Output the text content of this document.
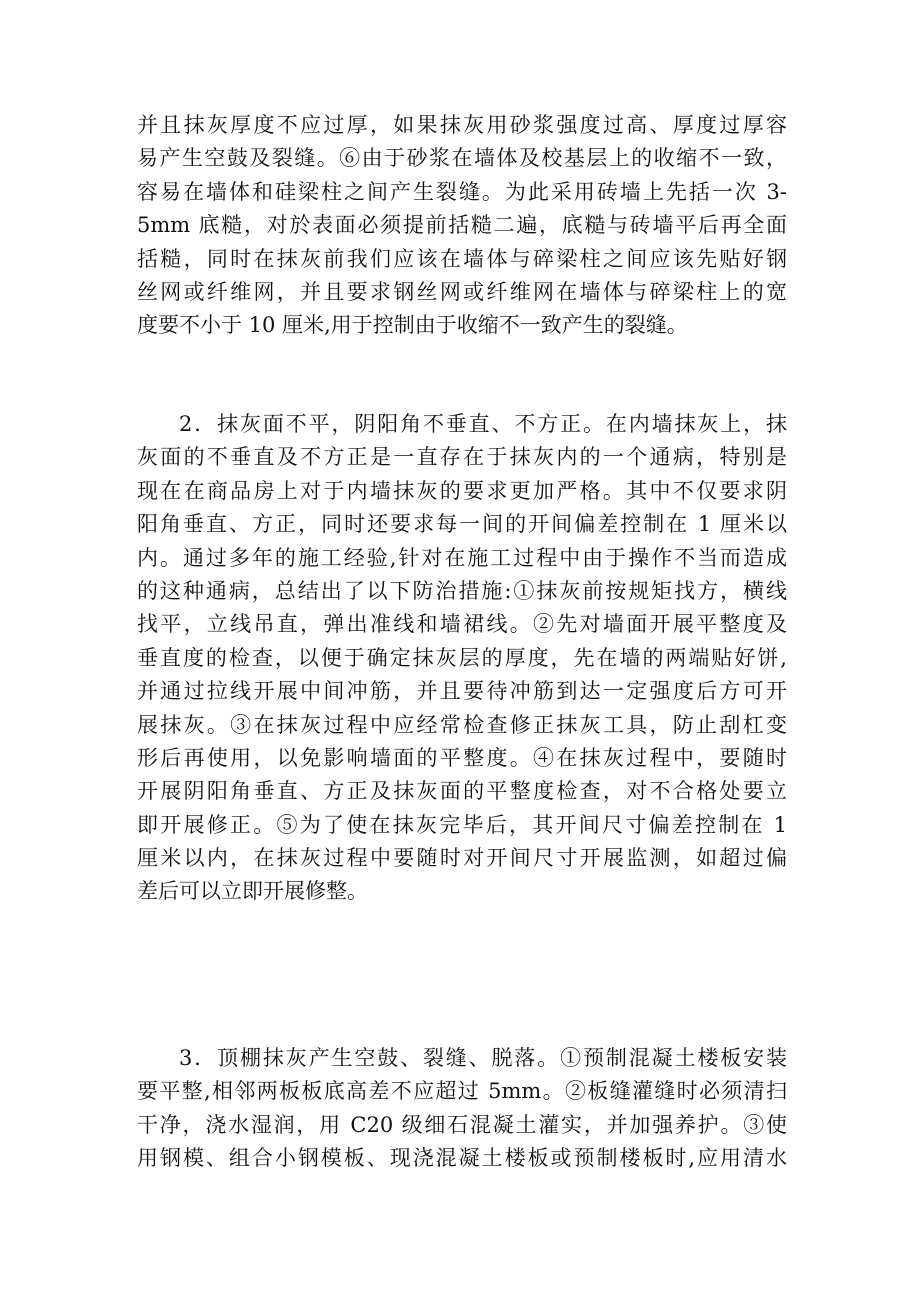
并且抹灰厚度不应过厚，如果抹灰用砂浆强度过高、厚度过厚容
易产生空鼓及裂缝。⑥由于砂浆在墙体及校基层上的收缩不一致，
容易在墙体和硅梁柱之间产生裂缝。为此采用砖墙上先括一次 3-
5mm 底糙，对於表面必须提前括糙二遍，底糙与砖墙平后再全面
括糙，同时在抹灰前我们应该在墙体与碎梁柱之间应该先贴好钢
丝网或纤维网，并且要求钢丝网或纤维网在墙体与碎梁柱上的宽
度要不小于 10 厘米,用于控制由于收缩不一致产生的裂缝。
2．抹灰面不平，阴阳角不垂直、不方正。在内墙抹灰上，抹
灰面的不垂直及不方正是一直存在于抹灰内的一个通病，特别是
现在在商品房上对于内墙抹灰的要求更加严格。其中不仅要求阴
阳角垂直、方正，同时还要求每一间的开间偏差控制在 1 厘米以
内。通过多年的施工经验,针对在施工过程中由于操作不当而造成
的这种通病，总结出了以下防治措施:①抹灰前按规矩找方，横线
找平，立线吊直，弹出准线和墙裙线。②先对墙面开展平整度及
垂直度的检查，以便于确定抹灰层的厚度，先在墙的两端贴好饼,
并通过拉线开展中间冲筋，并且要待冲筋到达一定强度后方可开
展抹灰。③在抹灰过程中应经常检查修正抹灰工具，防止刮杠变
形后再使用，以免影响墙面的平整度。④在抹灰过程中，要随时
开展阴阳角垂直、方正及抹灰面的平整度检查，对不合格处要立
即开展修正。⑤为了使在抹灰完毕后，其开间尺寸偏差控制在 1
厘米以内，在抹灰过程中要随时对开间尺寸开展监测，如超过偏
差后可以立即开展修整。
3．顶棚抹灰产生空鼓、裂缝、脱落。①预制混凝土楼板安装
要平整,相邻两板板底高差不应超过 5mm。②板缝灌缝时必须清扫
干净，浇水湿润，用 C20 级细石混凝土灌实，并加强养护。③使
用钢模、组合小钢模板、现浇混凝土楼板或预制楼板时,应用清水
